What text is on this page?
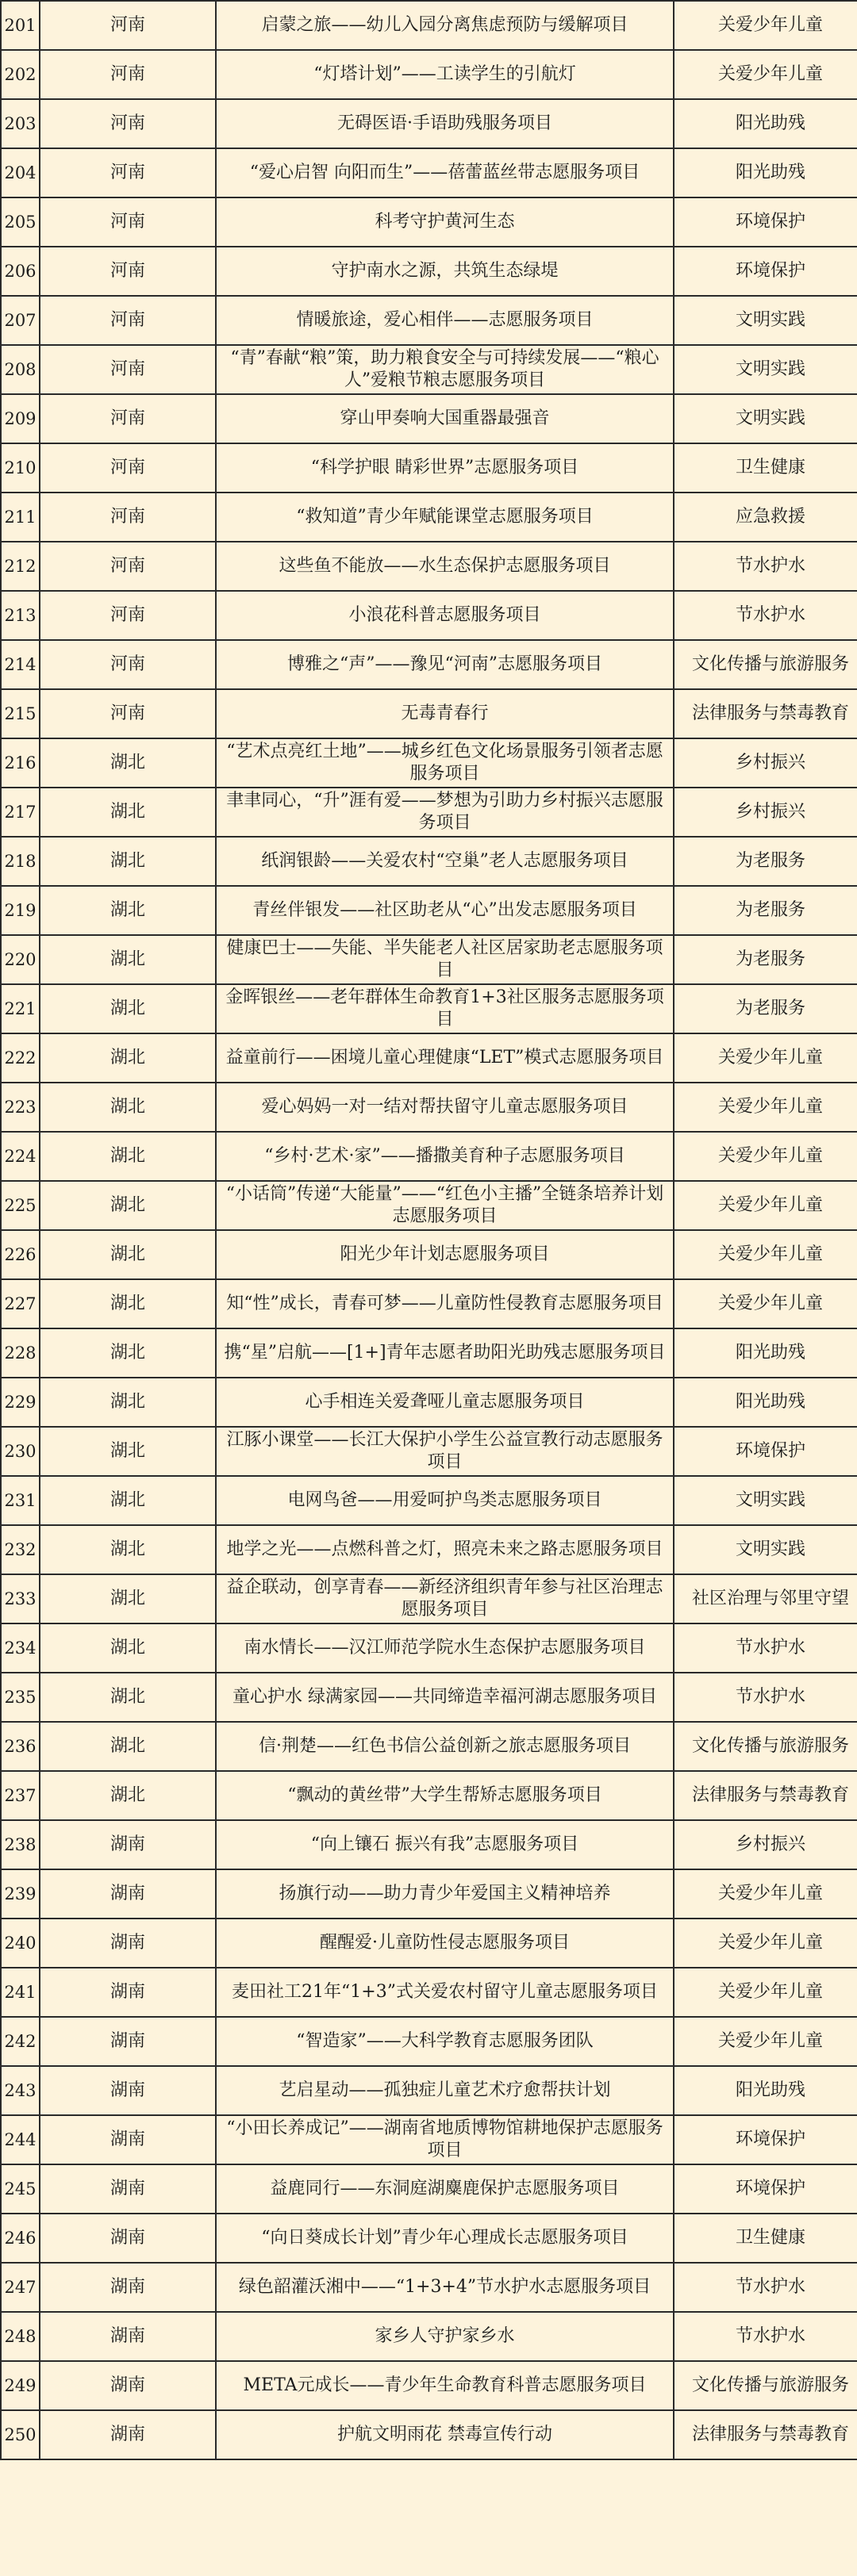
201	河南	启蒙之旅——幼儿入园分离焦虑预防与缓解项目	关爱少年儿童
202	河南	“灯塔计划”——工读学生的引航灯	关爱少年儿童
203	河南	无碍医语·手语助残服务项目	阳光助残
204	河南	“爱心启智 向阳而生”——蓓蕾蓝丝带志愿服务项目	阳光助残
205	河南	科考守护黄河生态	环境保护
206	河南	守护南水之源，共筑生态绿堤	环境保护
207	河南	情暖旅途，爱心相伴——志愿服务项目	文明实践
208	河南	“青”春献“粮”策，助力粮食安全与可持续发展——“粮心人”爱粮节粮志愿服务项目	文明实践
209	河南	穿山甲奏响大国重器最强音	文明实践
210	河南	“科学护眼 睛彩世界”志愿服务项目	卫生健康
211	河南	“救知道”青少年赋能课堂志愿服务项目	应急救援
212	河南	这些鱼不能放——水生态保护志愿服务项目	节水护水
213	河南	小浪花科普志愿服务项目	节水护水
214	河南	博雅之“声”——豫见“河南”志愿服务项目	文化传播与旅游服务
215	河南	无毒青春行	法律服务与禁毒教育
216	湖北	“艺术点亮红土地”——城乡红色文化场景服务引领者志愿服务项目	乡村振兴
217	湖北	聿聿同心，“升”涯有爱——梦想为引助力乡村振兴志愿服务项目	乡村振兴
218	湖北	纸润银龄——关爱农村“空巢”老人志愿服务项目	为老服务
219	湖北	青丝伴银发——社区助老从“心”出发志愿服务项目	为老服务
220	湖北	健康巴士——失能、半失能老人社区居家助老志愿服务项目	为老服务
221	湖北	金晖银丝——老年群体生命教育1+3社区服务志愿服务项目	为老服务
222	湖北	益童前行——困境儿童心理健康“LET”模式志愿服务项目	关爱少年儿童
223	湖北	爱心妈妈一对一结对帮扶留守儿童志愿服务项目	关爱少年儿童
224	湖北	“乡村·艺术·家”——播撒美育种子志愿服务项目	关爱少年儿童
225	湖北	“小话筒”传递“大能量”——“红色小主播”全链条培养计划志愿服务项目	关爱少年儿童
226	湖北	阳光少年计划志愿服务项目	关爱少年儿童
227	湖北	知“性”成长，青春可梦——儿童防性侵教育志愿服务项目	关爱少年儿童
228	湖北	携“星”启航——[1+]青年志愿者助阳光助残志愿服务项目	阳光助残
229	湖北	心手相连关爱聋哑儿童志愿服务项目	阳光助残
230	湖北	江豚小课堂——长江大保护小学生公益宣教行动志愿服务项目	环境保护
231	湖北	电网鸟爸——用爱呵护鸟类志愿服务项目	文明实践
232	湖北	地学之光——点燃科普之灯，照亮未来之路志愿服务项目	文明实践
233	湖北	益企联动，创享青春——新经济组织青年参与社区治理志愿服务项目	社区治理与邻里守望
234	湖北	南水情长——汉江师范学院水生态保护志愿服务项目	节水护水
235	湖北	童心护水 绿满家园——共同缔造幸福河湖志愿服务项目	节水护水
236	湖北	信·荆楚——红色书信公益创新之旅志愿服务项目	文化传播与旅游服务
237	湖北	“飘动的黄丝带”大学生帮矫志愿服务项目	法律服务与禁毒教育
238	湖南	“向上镶石 振兴有我”志愿服务项目	乡村振兴
239	湖南	扬旗行动——助力青少年爱国主义精神培养	关爱少年儿童
240	湖南	醒醒爱·儿童防性侵志愿服务项目	关爱少年儿童
241	湖南	麦田社工21年“1+3”式关爱农村留守儿童志愿服务项目	关爱少年儿童
242	湖南	“智造家”——大科学教育志愿服务团队	关爱少年儿童
243	湖南	艺启星动——孤独症儿童艺术疗愈帮扶计划	阳光助残
244	湖南	“小田长养成记”——湖南省地质博物馆耕地保护志愿服务项目	环境保护
245	湖南	益鹿同行——东洞庭湖麋鹿保护志愿服务项目	环境保护
246	湖南	“向日葵成长计划”青少年心理成长志愿服务项目	卫生健康
247	湖南	绿色韶灌沃湘中——“1+3+4”节水护水志愿服务项目	节水护水
248	湖南	家乡人守护家乡水	节水护水
249	湖南	META元成长——青少年生命教育科普志愿服务项目	文化传播与旅游服务
250	湖南	护航文明雨花 禁毒宣传行动	法律服务与禁毒教育
